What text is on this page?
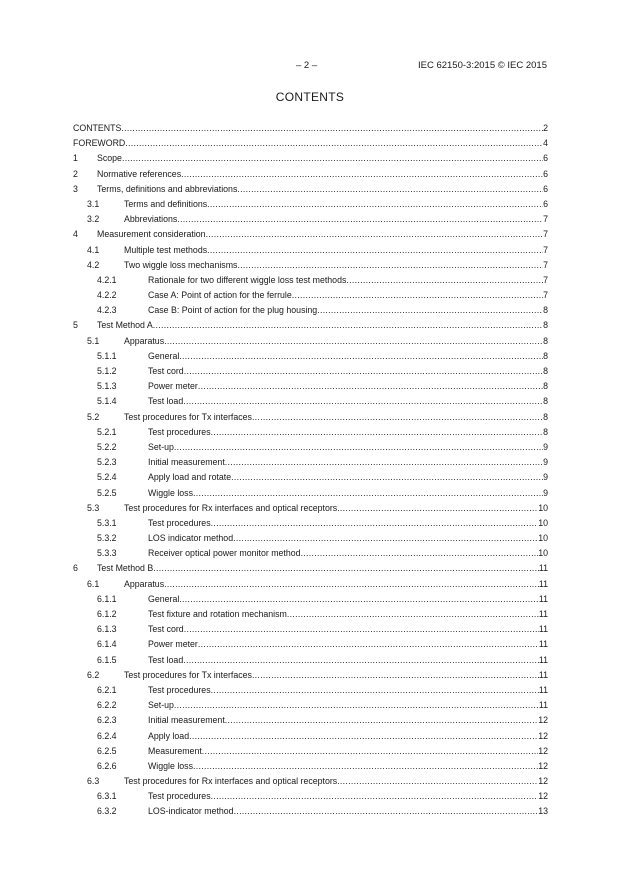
– 2 –	IEC 62150-3:2015 © IEC 2015
CONTENTS
CONTENTS .....	2
FOREWORD .....	4
1 Scope .....	6
2 Normative references .....	6
3 Terms, definitions and abbreviations .....	6
3.1	Terms and definitions .....	6
3.2	Abbreviations .....	7
4 Measurement consideration .....	7
4.1	Multiple test methods .....	7
4.2	Two wiggle loss mechanisms .....	7
4.2.1	Rationale for two different wiggle loss test methods .....	7
4.2.2	Case A: Point of action for the ferrule .....	7
4.2.3	Case B: Point of action for the plug housing .....	8
5 Test Method A .....	8
5.1	Apparatus .....	8
5.1.1	General .....	8
5.1.2	Test cord .....	8
5.1.3	Power meter .....	8
5.1.4	Test load .....	8
5.2	Test procedures for Tx interfaces .....	8
5.2.1	Test procedures .....	8
5.2.2	Set-up .....	9
5.2.3	Initial measurement .....	9
5.2.4	Apply load and rotate .....	9
5.2.5	Wiggle loss .....	9
5.3	Test procedures for Rx interfaces and optical receptors .....	10
5.3.1	Test procedures .....	10
5.3.2	LOS indicator method .....	10
5.3.3	Receiver optical power monitor method .....	10
6 Test Method B .....	11
6.1	Apparatus .....	11
6.1.1	General .....	11
6.1.2	Test fixture and rotation mechanism .....	11
6.1.3	Test cord .....	11
6.1.4	Power meter .....	11
6.1.5	Test load .....	11
6.2	Test procedures for Tx interfaces .....	11
6.2.1	Test procedures .....	11
6.2.2	Set-up .....	11
6.2.3	Initial measurement .....	12
6.2.4	Apply load .....	12
6.2.5	Measurement .....	12
6.2.6	Wiggle loss .....	12
6.3	Test procedures for Rx interfaces and optical receptors .....	12
6.3.1	Test procedures .....	12
6.3.2	LOS-indicator method .....	13
